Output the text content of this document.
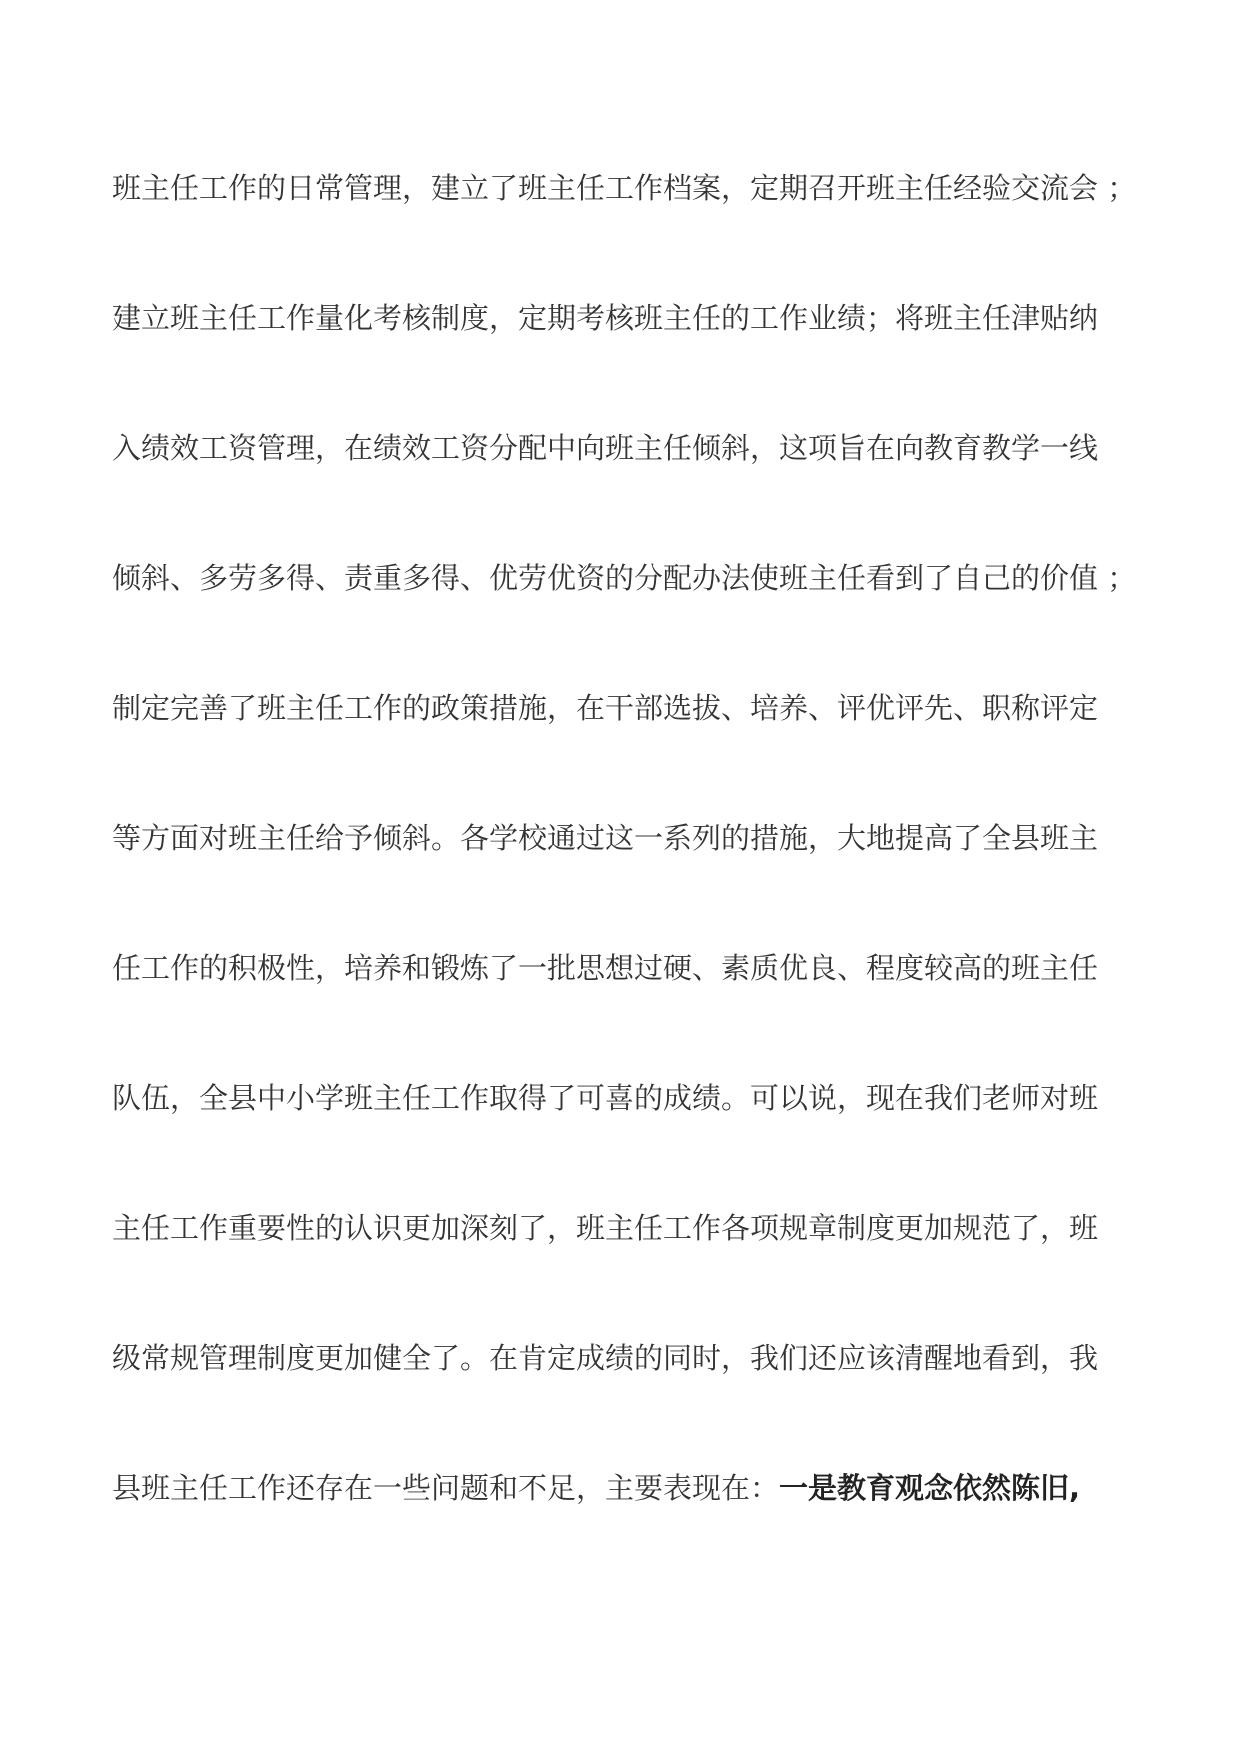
班主任工作的日常管理，建立了班主任工作档案，定期召开班主任经验交流会 ；
建立班主任工作量化考核制度，定期考核班主任的工作业绩；将班主任津贴纳
入绩效工资管理，在绩效工资分配中向班主任倾斜，这项旨在向教育教学一线
倾斜、多劳多得、责重多得、优劳优资的分配办法使班主任看到了自己的价值 ；
制定完善了班主任工作的政策措施，在干部选拔、培养、评优评先、职称评定
等方面对班主任给予倾斜。各学校通过这一系列的措施，大地提高了全县班主
任工作的积极性，培养和锻炼了一批思想过硬、素质优良、程度较高的班主任
队伍，全县中小学班主任工作取得了可喜的成绩。可以说，现在我们老师对班
主任工作重要性的认识更加深刻了，班主任工作各项规章制度更加规范了，班
级常规管理制度更加健全了。在肯定成绩的同时，我们还应该清醒地看到，我
县班主任工作还存在一些问题和不足，主要表现在：一是教育观念依然陈旧,
